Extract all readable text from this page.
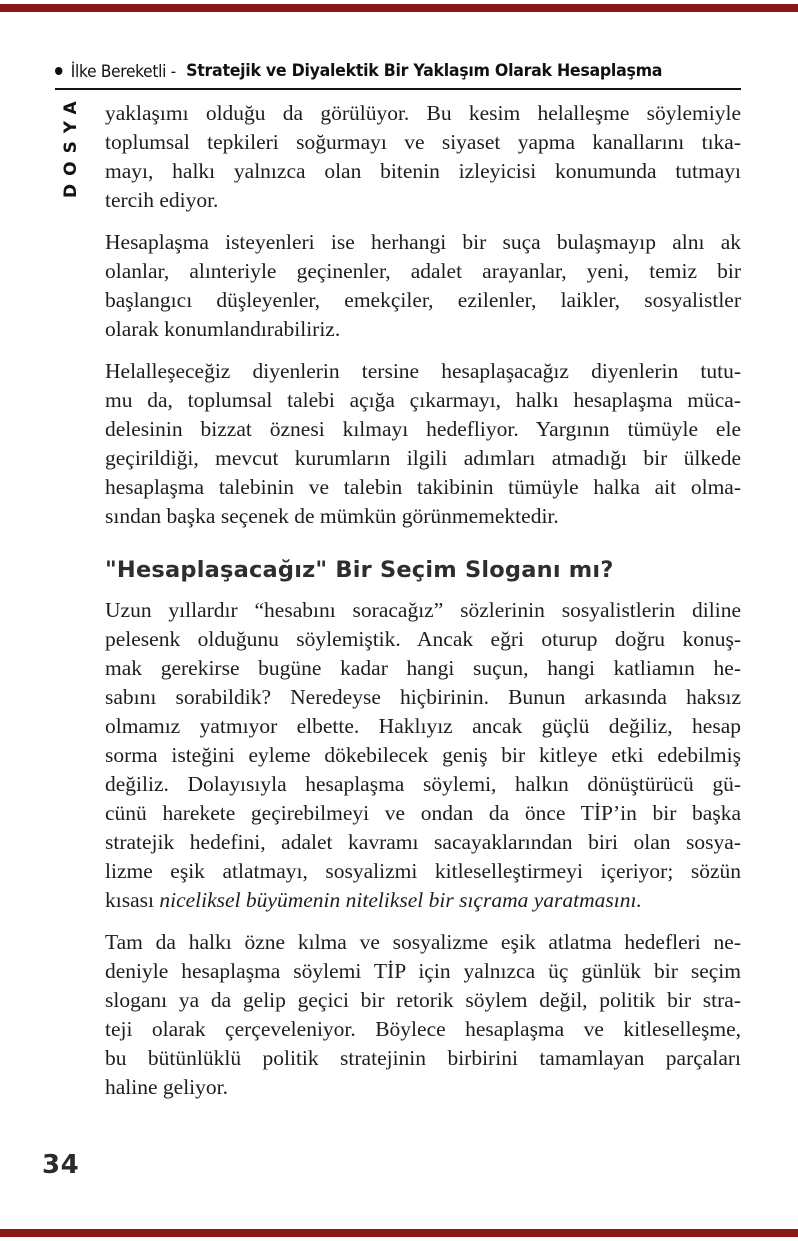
İlke Bereketli - Stratejik ve Diyalektik Bir Yaklaşım Olarak Hesaplaşma
DOSYA yaklaşımı olduğu da görülüyor. Bu kesim helalleşme söylemiyle
toplumsal tepkileri soğurmayı ve siyaset yapma kanallarını tıka-
mayı, halkı yalnızca olan bitenin izleyicisi konumunda tutmayı
tercih ediyor.
Hesaplaşma isteyenleri ise herhangi bir suça bulaşmayıp alnı ak
olanlar, alınteriyle geçinenler, adalet arayanlar, yeni, temiz bir
başlangıcı düşleyenler, emekçiler, ezilenler, laikler, sosyalistler
olarak konumlandırabiliriz.
Helalleşeceğiz diyenlerin tersine hesaplaşacağız diyenlerin tutu-
mu da, toplumsal talebi açığa çıkarmayı, halkı hesaplaşma müca-
delesinin bizzat öznesi kılmayı hedefliyor. Yargının tümüyle ele
geçirildiği, mevcut kurumların ilgili adımları atmadığı bir ülkede
hesaplaşma talebinin ve talebin takibinin tümüyle halka ait olma-
sından başka seçenek de mümkün görünmemektedir.
"Hesaplaşacağız" Bir Seçim Sloganı mı?
Uzun yıllardır “hesabını soracağız” sözlerinin sosyalistlerin diline
pelesenk olduğunu söylemiştik. Ancak eğri oturup doğru konuş-
mak gerekirse bugüne kadar hangi suçun, hangi katliamın he-
sabını sorabildik? Neredeyse hiçbirinin. Bunun arkasında haksız
olmamız yatmıyor elbette. Haklıyız ancak güçlü değiliz, hesap
sorma isteğini eyleme dökebilecek geniş bir kitleye etki edebilmiş
değiliz. Dolayısıyla hesaplaşma söylemi, halkın dönüştürücü gü-
cünü harekete geçirebilmeyi ve ondan da önce TİP’in bir başka
stratejik hedefini, adalet kavramı sacayaklarından biri olan sosya-
lizme eşik atlatmayı, sosyalizmi kitleselleştirmeyi içeriyor; sözün
kısası niceliksel büyümenin niteliksel bir sıçrama yaratmasını.
Tam da halkı özne kılma ve sosyalizme eşik atlatma hedefleri ne-
deniyle hesaplaşma söylemi TİP için yalnızca üç günlük bir seçim
sloganı ya da gelip geçici bir retorik söylem değil, politik bir stra-
teji olarak çerçeveleniyor. Böylece hesaplaşma ve kitleselleşme,
bu bütünlüklü politik stratejinin birbirini tamamlayan parçaları
haline geliyor.
34
